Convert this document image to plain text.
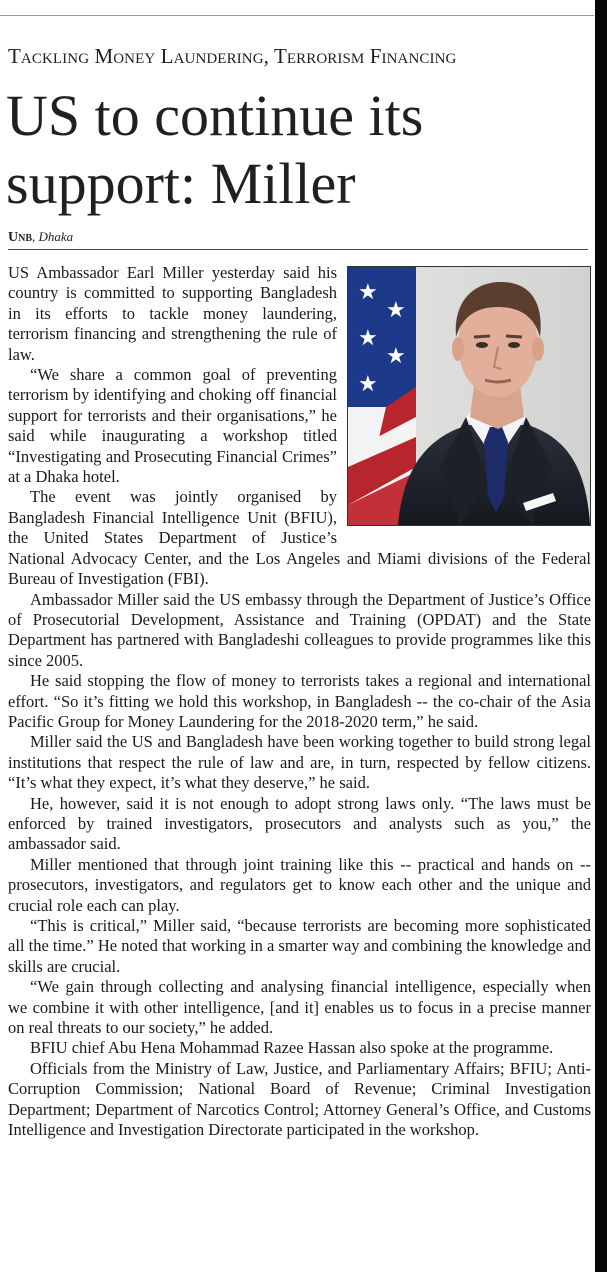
Tackling Money Laundering, Terrorism Financing
US to continue its support: Miller
Unb, Dhaka
★
★
★
★
★

US Ambassador Earl Miller yesterday said his country is committed to supporting Bangladesh in its efforts to tackle money laundering, terrorism financing and strengthening the rule of law.

“We share a common goal of preventing terrorism by identifying and choking off financial support for terrorists and their organisations,” he said while inaugurating a workshop titled “Investigating and Prosecuting Financial Crimes” at a Dhaka hotel.

The event was jointly organised by Bangladesh Financial Intelligence Unit (BFIU), the United States Department of Justice’s National Advocacy Center, and the Los Angeles and Miami divisions of the Federal Bureau of Investigation (FBI).

Ambassador Miller said the US embassy through the Department of Justice’s Office of Prosecutorial Development, Assistance and Training (OPDAT) and the State Department has partnered with Bangladeshi colleagues to provide programmes like this since 2005.

He said stopping the flow of money to terrorists takes a regional and international effort. “So it’s fitting we hold this workshop, in Bangladesh -- the co-chair of the Asia Pacific Group for Money Laundering for the 2018-2020 term,” he said.

Miller said the US and Bangladesh have been working together to build strong legal institutions that respect the rule of law and are, in turn, respected by fellow citizens. “It’s what they expect, it’s what they deserve,” he said.

He, however, said it is not enough to adopt strong laws only. “The laws must be enforced by trained investigators, prosecutors and analysts such as you,” the ambassador said.

Miller mentioned that through joint training like this -- practical and hands on -- prosecutors, investigators, and regulators get to know each other and the unique and crucial role each can play.

“This is critical,” Miller said, “because terrorists are becoming more sophisticated all the time.” He noted that working in a smarter way and combining the knowledge and skills are crucial.

“We gain through collecting and analysing financial intelligence, especially when we combine it with other intelligence, [and it] enables us to focus in a precise manner on real threats to our society,” he added.

BFIU chief Abu Hena Mohammad Razee Hassan also spoke at the programme.

Officials from the Ministry of Law, Justice, and Parliamentary Affairs; BFIU; Anti-Corruption Commission; National Board of Revenue; Criminal Investigation Department; Department of Narcotics Control; Attorney General’s Office, and Customs Intelligence and Investigation Directorate participated in the workshop.
